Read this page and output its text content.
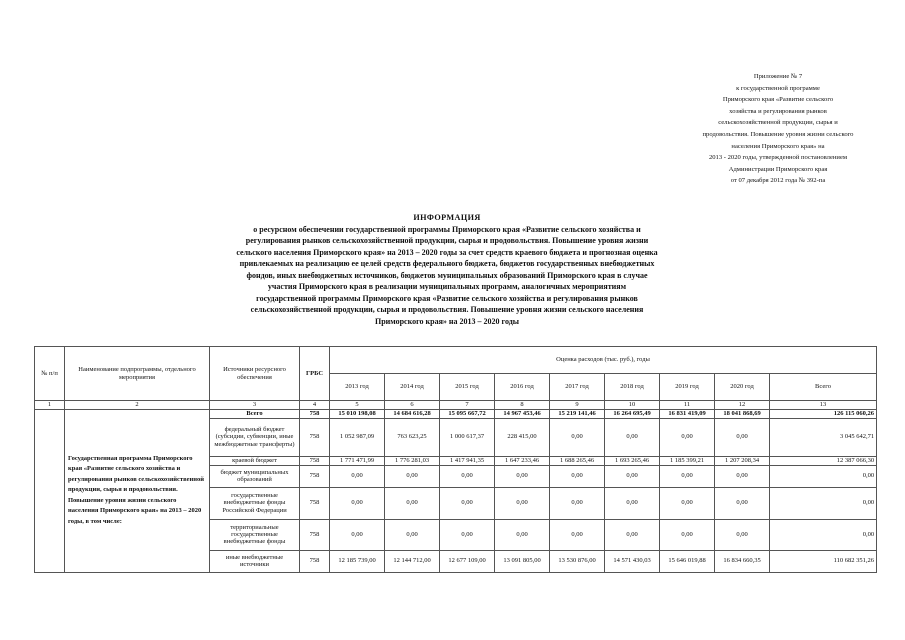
Приложение № 7
к государственной программе
Приморского края «Развитие сельского
хозяйства и регулирования рынков
сельскохозяйственной продукции, сырья и
продовольствия. Повышение уровня жизни сельского
населения Приморского края» на
2013 - 2020 годы, утвержденной постановлением
Администрации Приморского края
от 07 декабря 2012 года № 392-па
ИНФОРМАЦИЯ
о ресурсном обеспечении государственной программы Приморского края «Развитие сельского хозяйства и
регулирования рынков сельскохозяйственной продукции, сырья и продовольствия. Повышение уровня жизни
сельского населения Приморского края» на 2013 – 2020 годы за счет средств краевого бюджета и прогнозная оценка
привлекаемых на реализацию ее целей средств федерального бюджета, бюджетов государственных внебюджетных
фондов, иных внебюджетных источников, бюджетов муниципальных образований Приморского края в случае
участия Приморского края в реализации муниципальных программ, аналогичных мероприятиям
государственной программы Приморского края «Развитие сельского хозяйства и регулирования рынков
сельскохозяйственной продукции, сырья и продовольствия. Повышение уровня жизни сельского населения
Приморского края» на 2013 – 2020 годы
№ п/п	Наименование подпрограммы, отдельного мероприятия	Источники ресурсного обеспечения	ГРБС	Оценка расходов (тыс. руб.), годы								
				2013 год	2014 год	2015 год	2016 год	2017 год	2018 год	2019 год	2020 год	Всего
1	2	3	4	5	6	7	8	9	10	11	12	13
	Государственная программа Приморского края «Развитие сельского хозяйства и регулирования рынков сельскохозяйственной продукции, сырья и продовольствия. Повышение уровня жизни сельского населения Приморского края» на 2013 – 2020 годы, в том числе:	Всего	758	15 010 198,08	14 684 616,28	15 095 667,72	14 967 453,46	15 219 141,46	16 264 695,49	16 831 419,09	18 041 868,69	126 115 060,26
		федеральный бюджет (субсидии, субвенции, иные межбюджетные трансферты)	758	1 052 987,09	763 623,25	1 000 617,37	228 415,00	0,00	0,00	0,00	0,00	3 045 642,71
		краевой бюджет	758	1 771 471,99	1 776 281,03	1 417 941,35	1 647 233,46	1 688 265,46	1 693 265,46	1 185 399,21	1 207 208,34	12 387 066,30
		бюджет муниципальных образований	758	0,00	0,00	0,00	0,00	0,00	0,00	0,00	0,00	0,00
		государственные внебюджетные фонды Российской Федерации	758	0,00	0,00	0,00	0,00	0,00	0,00	0,00	0,00	0,00
		территориальные государственные внебюджетные фонды	758	0,00	0,00	0,00	0,00	0,00	0,00	0,00	0,00	0,00
		иные внебюджетные источники	758	12 185 739,00	12 144 712,00	12 677 109,00	13 091 805,00	13 530 876,00	14 571 430,03	15 646 019,88	16 834 660,35	110 682 351,26
